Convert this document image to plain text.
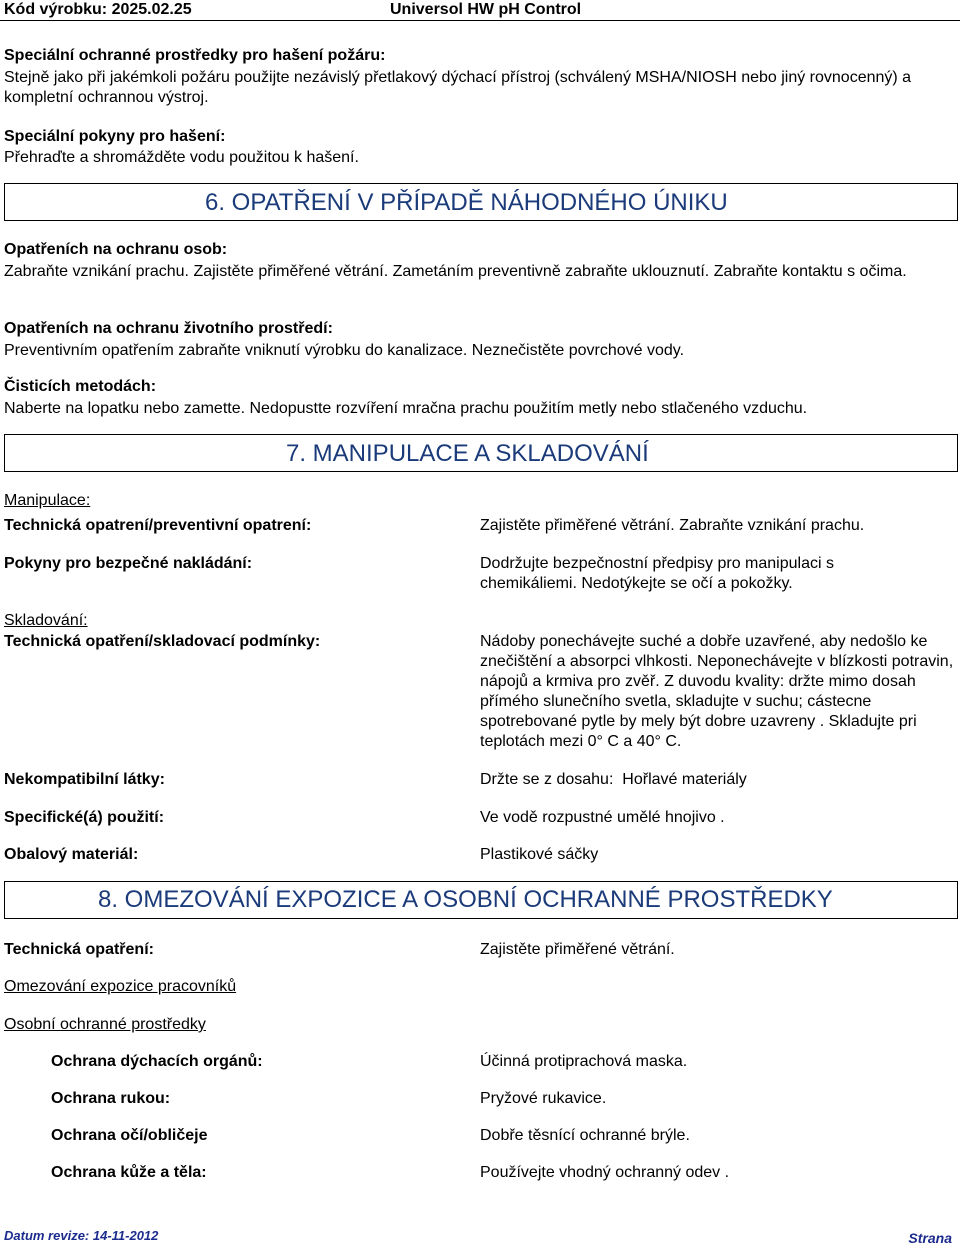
Kód výrobku: 2025.02.25	Universol HW pH Control
Speciální ochranné prostředky pro hašení požáru:
Stejně jako při jakémkoli požáru použijte nezávislý přetlakový dýchací přístroj (schválený MSHA/NIOSH nebo jiný rovnocenný) a kompletní ochrannou výstroj.
Speciální pokyny pro hašení:
Přehraďte a shromážděte vodu použitou k hašení.
6. OPATŘENÍ V PŘÍPADĚ NÁHODNÉHO ÚNIKU
Opatřeních na ochranu osob:
Zabraňte vznikání prachu. Zajistěte přiměřené větrání. Zametáním preventivně zabraňte uklouznutí. Zabraňte kontaktu s očima.
Opatřeních na ochranu životního prostředí:
Preventivním opatřením zabraňte vniknutí výrobku do kanalizace. Neznečistěte povrchové vody.
Čisticích metodách:
Naberte na lopatku nebo zamette. Nedopustte rozvíření mračna prachu použitím metly nebo stlačeného vzduchu.
7. MANIPULACE A SKLADOVÁNÍ
Manipulace:
Technická opatrení/preventivní opatrení:	Zajistěte přiměřené větrání. Zabraňte vznikání prachu.
Pokyny pro bezpečné nakládání:	Dodržujte bezpečnostní předpisy pro manipulaci s chemikáliemi. Nedotýkejte se očí a pokožky.
Skladování:
Technická opatření/skladovací podmínky:	Nádoby ponechávejte suché a dobře uzavřené, aby nedošlo ke znečištění a absorpci vlhkosti. Neponechávejte v blízkosti potravin, nápojů a krmiva pro zvěř. Z duvodu kvality: držte mimo dosah přímého slunečního svetla, skladujte v suchu; cástecne spotrebované pytle by mely být dobre uzavreny . Skladujte pri teplotách mezi 0° C a 40° C.
Nekompatibilní látky:	Držte se z dosahu:  Hořlavé materiály
Specifické(á) použití:	Ve vodě rozpustné umělé hnojivo .
Obalový materiál:	Plastikové sáčky
8. OMEZOVÁNÍ EXPOZICE A OSOBNÍ OCHRANNÉ PROSTŘEDKY
Technická opatření:	Zajistěte přiměřené větrání.
Omezování expozice pracovníků
Osobní ochranné prostředky
Ochrana dýchacích orgánů:	Účinná protiprachová maska.
Ochrana rukou:	Pryžové rukavice.
Ochrana očí/obličeje	Dobře těsnící ochranné brýle.
Ochrana kůže a těla:	Používejte vhodný ochranný odev .
Datum revize: 14-11-2012	Strana
